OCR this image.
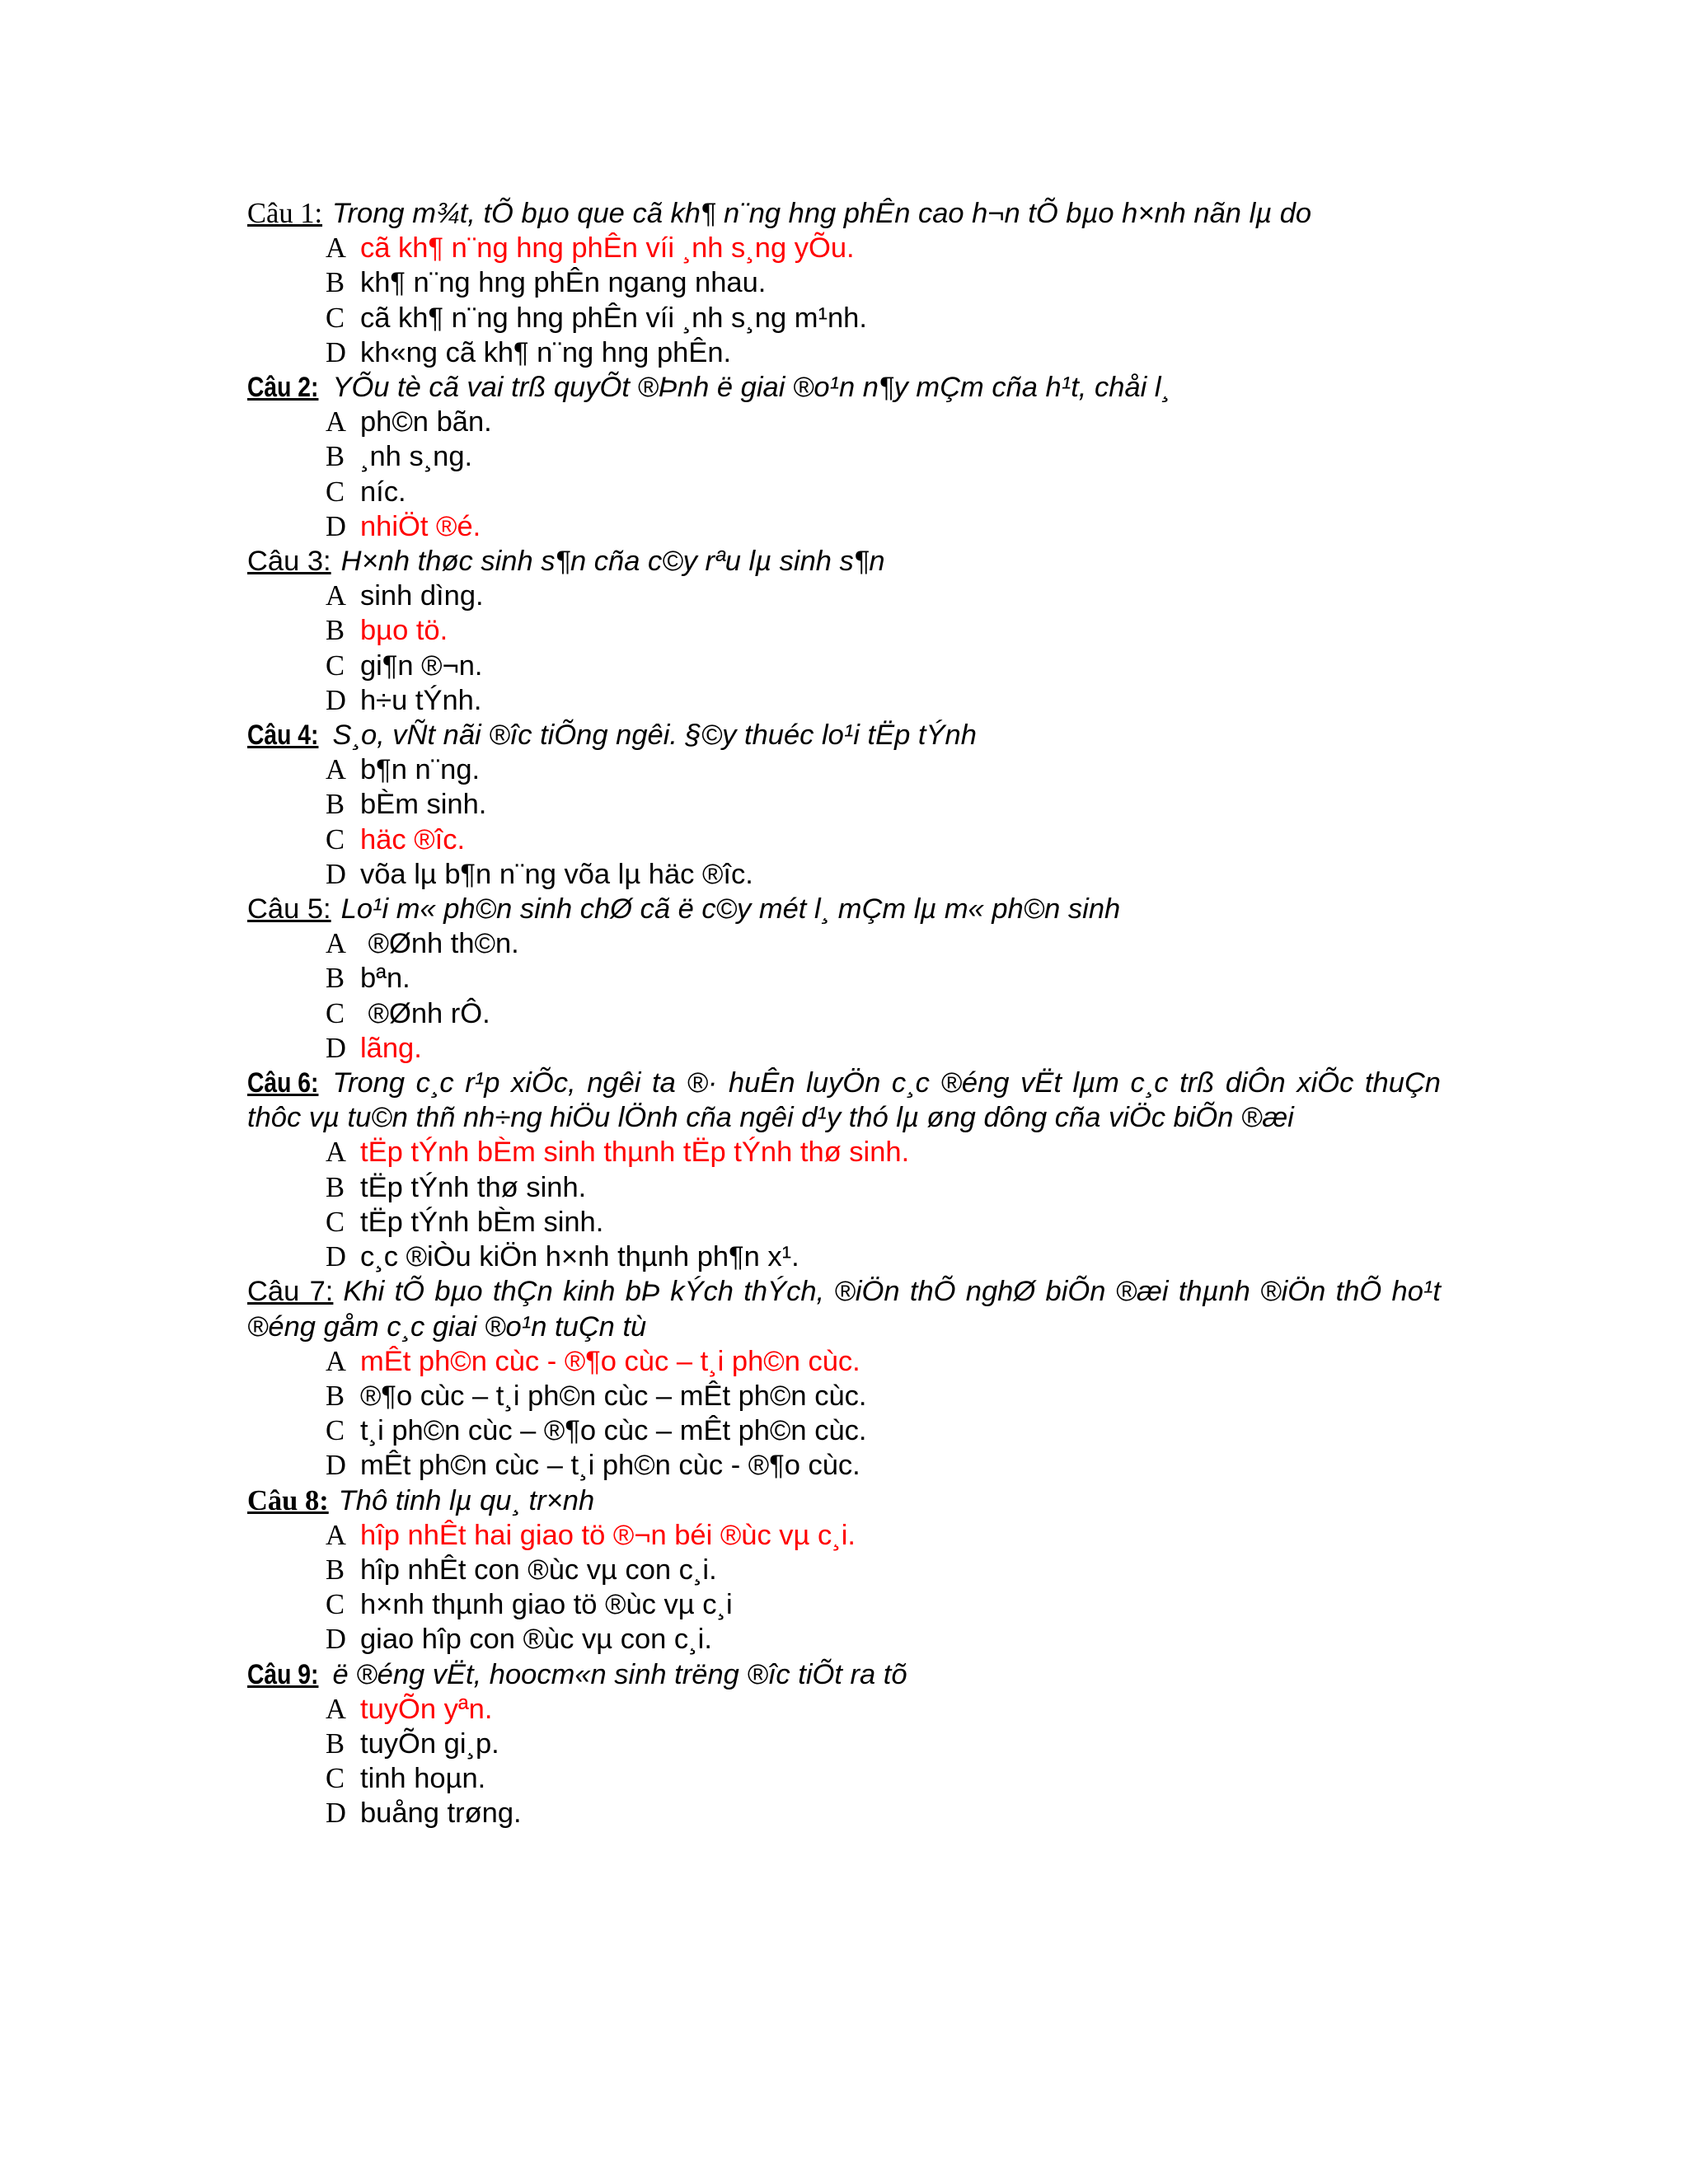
Câu 1: Trong m¾t, tÕ bµo que cã kh¶ n¨ng hng phÊn cao h¬n tÕ bµo h×nh nãn lµ do
A cã kh¶ n¨ng hng phÊn víi ¸nh s¸ng yÕu.
B kh¶ n¨ng hng phÊn ngang nhau.
C cã kh¶ n¨ng hng phÊn víi ¸nh s¸ng m¹nh.
D kh«ng cã kh¶ n¨ng hng phÊn.
Câu 2: YÕu tè cã vai trß quyÕt ®Þnh ë giai ®o¹n n¶y mÇm cña h¹t, chåi l¸
A ph©n bãn.
B ¸nh s¸ng.
C níc.
D nhiÖt ®é.
Câu 3: H×nh thøc sinh s¶n cña c©y rªu lµ sinh s¶n
A sinh dìng.
B bµo tö.
C gi¶n ®¬n.
D h÷u tÝnh.
Câu 4: S¸o, vÑt nãi ®îc tiÕng ngêi. §©y thuéc lo¹i tËp tÝnh
A b¶n n¨ng.
B bÈm sinh.
C häc ®îc.
D võa lµ b¶n n¨ng võa lµ häc ®îc.
Câu 5: Lo¹i m« ph©n sinh chØ cã ë c©y mét l¸ mÇm lµ m« ph©n sinh
A ®Ønh th©n.
B bªn.
C ®Ønh rÔ.
D lãng.
Câu 6: Trong c¸c r¹p xiÕc, ngêi ta ®· huÊn luyÖn c¸c ®éng vËt lµm c¸c trß diÔn xiÕc thuÇn thôc vµ tu©n thñ nh÷ng hiÖu lÖnh cña ngêi d¹y thó lµ øng dông cña viÖc biÕn ®æi
A tËp tÝnh bÈm sinh thµnh tËp tÝnh thø sinh.
B tËp tÝnh thø sinh.
C tËp tÝnh bÈm sinh.
D c¸c ®iÒu kiÖn h×nh thµnh ph¶n x¹.
Câu 7: Khi tÕ bµo thÇn kinh bÞ kÝch thÝch, ®iÖn thÕ nghØ biÕn ®æi thµnh ®iÖn thÕ ho¹t ®éng gåm c¸c giai ®o¹n tuÇn tù
A mÊt ph©n cùc - ®¶o cùc – t¸i ph©n cùc.
B ®¶o cùc – t¸i ph©n cùc – mÊt ph©n cùc.
C t¸i ph©n cùc – ®¶o cùc – mÊt ph©n cùc.
D mÊt ph©n cùc – t¸i ph©n cùc - ®¶o cùc.
Câu 8: Thô tinh lµ qu¸ tr×nh
A hîp nhÊt hai giao tö ®¬n béi ®ùc vµ c¸i.
B hîp nhÊt con ®ùc vµ con c¸i.
C h×nh thµnh giao tö ®ùc vµ c¸i
D giao hîp con ®ùc vµ con c¸i.
Câu 9: ë ®éng vËt, hoocm«n sinh trëng ®îc tiÕt ra tõ
A tuyÕn yªn.
B tuyÕn gi¸p.
C tinh hoµn.
D buång trøng.
